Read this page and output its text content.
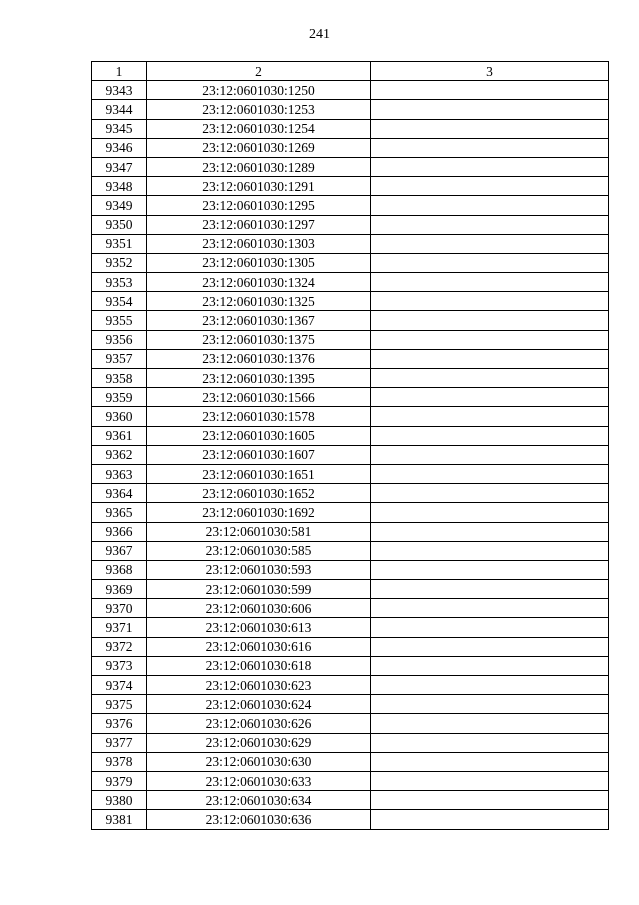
241
1	2	3
9343	23:12:0601030:1250	
9344	23:12:0601030:1253	
9345	23:12:0601030:1254	
9346	23:12:0601030:1269	
9347	23:12:0601030:1289	
9348	23:12:0601030:1291	
9349	23:12:0601030:1295	
9350	23:12:0601030:1297	
9351	23:12:0601030:1303	
9352	23:12:0601030:1305	
9353	23:12:0601030:1324	
9354	23:12:0601030:1325	
9355	23:12:0601030:1367	
9356	23:12:0601030:1375	
9357	23:12:0601030:1376	
9358	23:12:0601030:1395	
9359	23:12:0601030:1566	
9360	23:12:0601030:1578	
9361	23:12:0601030:1605	
9362	23:12:0601030:1607	
9363	23:12:0601030:1651	
9364	23:12:0601030:1652	
9365	23:12:0601030:1692	
9366	23:12:0601030:581	
9367	23:12:0601030:585	
9368	23:12:0601030:593	
9369	23:12:0601030:599	
9370	23:12:0601030:606	
9371	23:12:0601030:613	
9372	23:12:0601030:616	
9373	23:12:0601030:618	
9374	23:12:0601030:623	
9375	23:12:0601030:624	
9376	23:12:0601030:626	
9377	23:12:0601030:629	
9378	23:12:0601030:630	
9379	23:12:0601030:633	
9380	23:12:0601030:634	
9381	23:12:0601030:636	
